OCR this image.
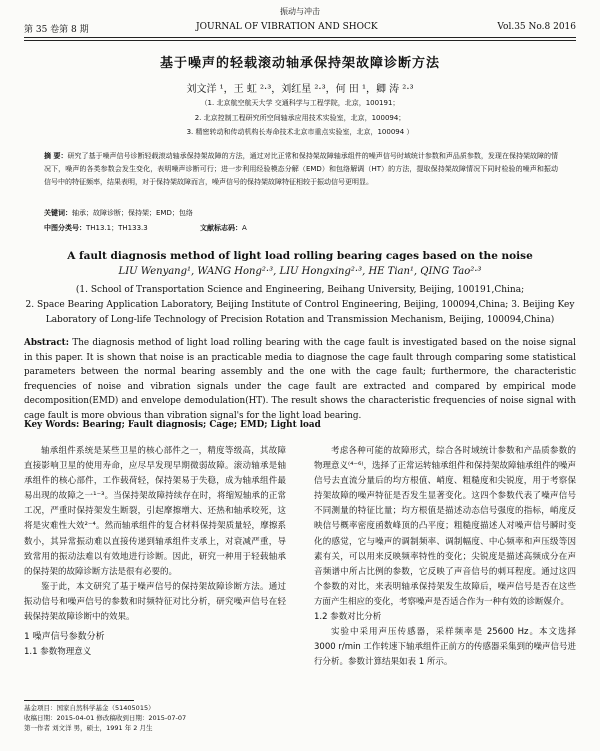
振动与冲击
第 35 卷第 8 期	JOURNAL OF VIBRATION AND SHOCK	Vol.35 No.8 2016
基于噪声的轻载滚动轴承保持架故障诊断方法
刘文洋 ¹，王 虹 ²·³，刘红星 ²·³，何 田 ¹，卿 涛 ²·³
（1. 北京航空航天大学 交通科学与工程学院，北京，100191；
2. 北京控制工程研究所空间轴承应用技术实验室，北京，100094；
3. 精密转动和传动机构长寿命技术北京市重点实验室，北京，100094 ）
摘 要：研究了基于噪声信号诊断轻载滚动轴承保持架故障的方法，通过对比正常和保持架故障轴承组件的噪声信号时域统计参数和声品质参数，发现在保持架故障的情况下，噪声的各类参数会发生变化，表明噪声诊断可行；进一步利用经验模态分解（EMD）和包络解调（HT）的方法，提取保持架故障情况下同时检验的噪声和振动信号中的特征频率，结果表明，对于保持架故障而言，噪声信号的保持架故障特征相较于振动信号更明显。
关键词：轴承；故障诊断；保持架；EMD；包络
中图分类号：TH13.1；TH133.3	文献标志码：A
A fault diagnosis method of light load rolling bearing cages based on the noise
LIU Wenyang¹, WANG Hong²·³, LIU Hongxing²·³, HE Tian¹, QING Tao²·³
(1. School of Transportation Science and Engineering, Beihang University, Beijing, 100191,China;
2. Space Bearing Application Laboratory, Beijing Institute of Control Engineering, Beijing, 100094,China; 3. Beijing Key
Laboratory of Long-life Technology of Precision Rotation and Transmission Mechanism, Beijing, 100094,China)
Abstract: The diagnosis method of light load rolling bearing with the cage fault is investigated based on the noise signal in this paper. It is shown that noise is an practicable media to diagnose the cage fault through comparing some statistical parameters between the normal bearing assembly and the one with the cage fault; furthermore, the characteristic frequencies of noise and vibration signals under the cage fault are extracted and compared by empirical mode decomposition(EMD) and envelope demodulation(HT). The result shows the characteristic frequencies of noise signal with cage fault is more obvious than vibration signal's for the light load bearing.
Key Words: Bearing; Fault diagnosis; Cage; EMD; Light load

轴承组件系统是某些卫星的核心部件之一，精度等级高，其故障直接影响卫星的使用寿命，应尽早发现早期微弱故障。滚动轴承是轴承组件的核心部件，工作载荷轻，保持架易于失稳，成为轴承组件最易出现的故障之一¹⁻³。当保持架故障持续存在时，将缩短轴承的正常工况，严重时保持架发生断裂，引起摩擦增大、还热和轴承咬死，这将是灾难性大效²⁻⁴。然而轴承组件的复合材料保持架质量轻，摩擦系数小，其异常振动难以直接传递到轴承组件支承上，对衰减严重，导致常用的振动法难以有效地进行诊断。因此，研究一种用于轻载轴承的保持架的故障诊断方法是很有必要的。

鉴于此，本文研究了基于噪声信号的保持架故障诊断方法。通过振动信号和噪声信号的参数和时频特征对比分析，研究噪声信号在轻载保持架故障诊断中的效果。

1 噪声信号参数分析
1.1 参数物理意义
基金项目：国家自然科学基金（51405015）
收稿日期：2015-04-01 修改稿收到日期：2015-07-07
第一作者 刘文洋 男，硕士，1991 年 2 月生

考虑各种可能的故障形式，综合各时域统计参数和产品质参数的物理意义⁽⁴⁻⁶⁾，选择了正常运转轴承组件和保持架故障轴承组件的噪声信号去直流分量后的均方根值、峭度、粗糙度和尖锐度，用于考察保持架故障的噪声特征是否发生显著变化。这四个参数代表了噪声信号不同测量的特征比量；均方根值是描述动态信号强度的指标，峭度反映信号概率密度函数峰顶的凸平度；粗糙度描述人对噪声信号瞬时变化的感觉，它与噪声的调制频率、调制幅度、中心频率和声压级等因素有关，可以用来反映频率特性的变化；尖锐度是描述高频成分在声音频谱中所占比例的参数，它反映了声音信号的刺耳程度。通过这四个参数的对比，来表明轴承保持架发生故障后，噪声信号是否在这些方面产生相应的变化，考察噪声是否适合作为一种有效的诊断媒介。

1.2 参数对比分析

实验中采用声压传感器，采样频率是 25600 Hz。本文选择 3000 r/min 工作转速下轴承组件正前方的传感器采集到的噪声信号进行分析。参数计算结果如表 1 所示。
